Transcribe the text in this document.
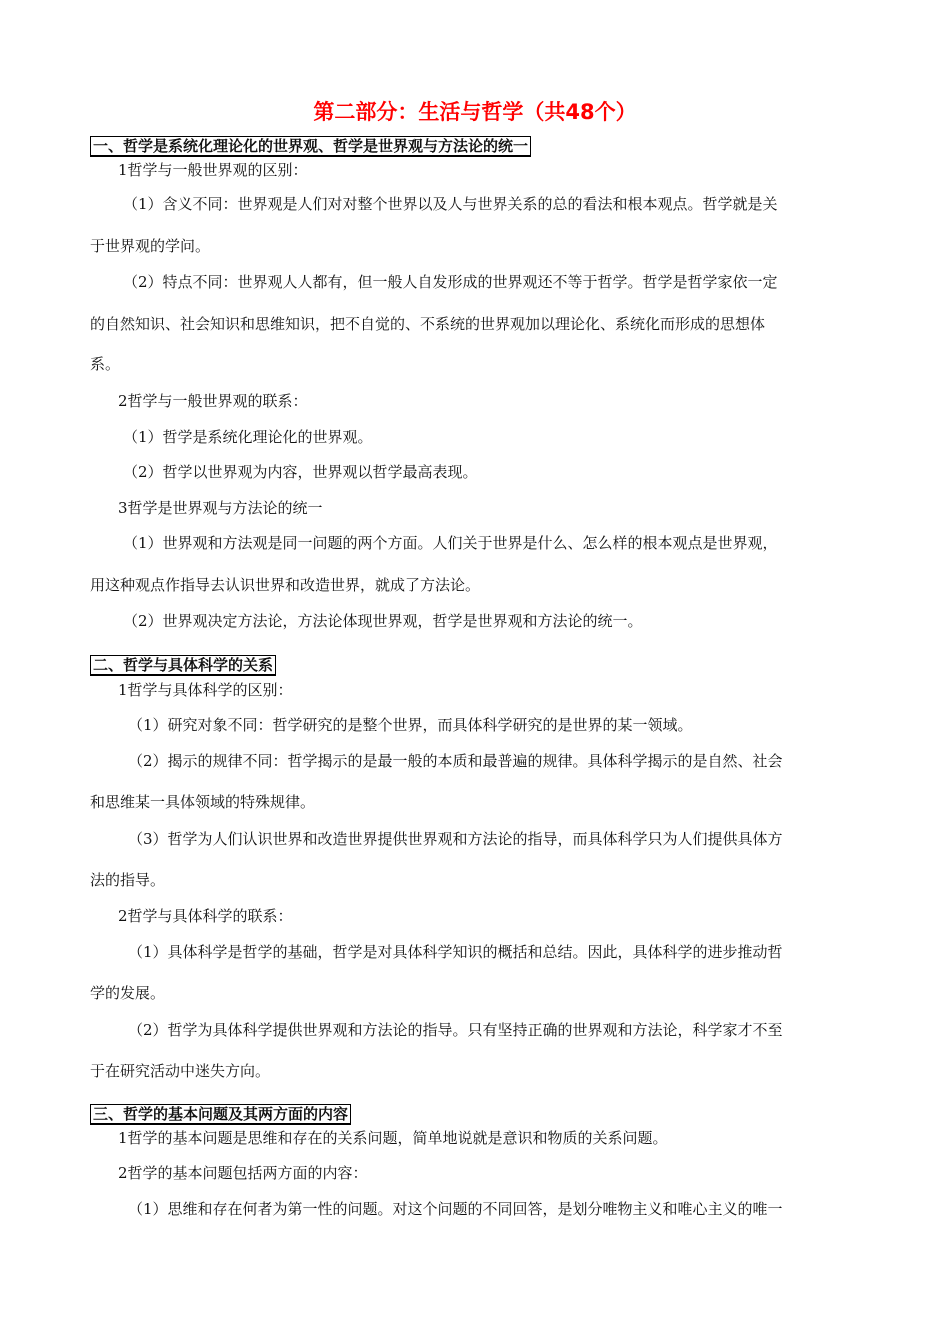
第二部分：生活与哲学（共48个）
一、哲学是系统化理论化的世界观、哲学是世界观与方法论的统一
1哲学与一般世界观的区别：
（1）含义不同：世界观是人们对对整个世界以及人与世界关系的总的看法和根本观点。哲学就是关
于世界观的学问。
（2）特点不同：世界观人人都有，但一般人自发形成的世界观还不等于哲学。哲学是哲学家依一定
的自然知识、社会知识和思维知识，把不自觉的、不系统的世界观加以理论化、系统化而形成的思想体
系。
2哲学与一般世界观的联系：
（1）哲学是系统化理论化的世界观。
（2）哲学以世界观为内容，世界观以哲学最高表现。
3哲学是世界观与方法论的统一
（1）世界观和方法观是同一问题的两个方面。人们关于世界是什么、怎么样的根本观点是世界观，
用这种观点作指导去认识世界和改造世界，就成了方法论。
（2）世界观决定方法论，方法论体现世界观，哲学是世界观和方法论的统一。
二、哲学与具体科学的关系
1哲学与具体科学的区别：
（1）研究对象不同：哲学研究的是整个世界，而具体科学研究的是世界的某一领域。
（2）揭示的规律不同：哲学揭示的是最一般的本质和最普遍的规律。具体科学揭示的是自然、社会
和思维某一具体领域的特殊规律。
（3）哲学为人们认识世界和改造世界提供世界观和方法论的指导，而具体科学只为人们提供具体方
法的指导。
2哲学与具体科学的联系：
（1）具体科学是哲学的基础，哲学是对具体科学知识的概括和总结。因此，具体科学的进步推动哲
学的发展。
（2）哲学为具体科学提供世界观和方法论的指导。只有坚持正确的世界观和方法论，科学家才不至
于在研究活动中迷失方向。
三、哲学的基本问题及其两方面的内容
1哲学的基本问题是思维和存在的关系问题，简单地说就是意识和物质的关系问题。
2哲学的基本问题包括两方面的内容：
（1）思维和存在何者为第一性的问题。对这个问题的不同回答，是划分唯物主义和唯心主义的唯一
